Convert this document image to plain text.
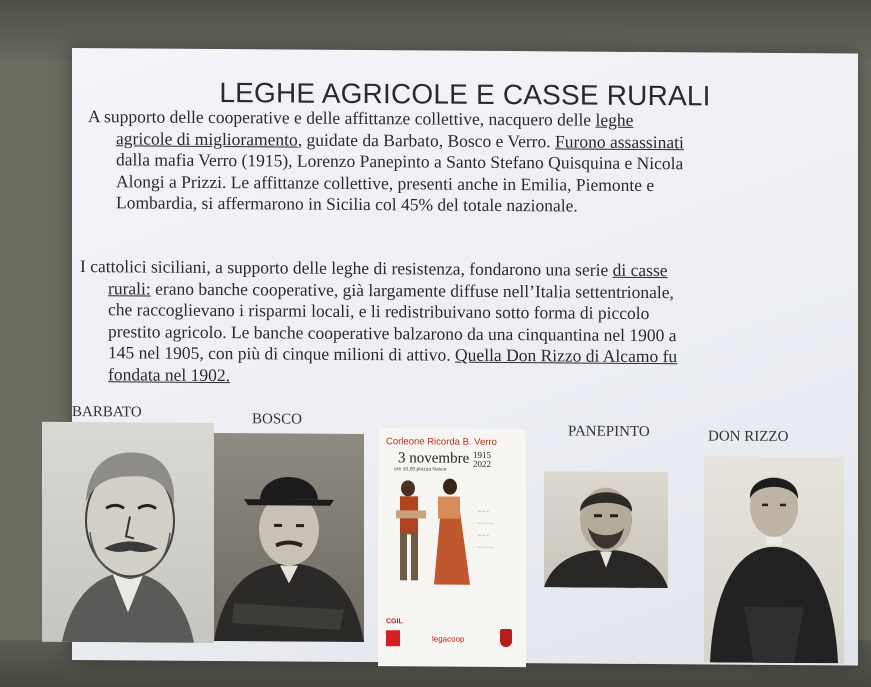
LEGHE AGRICOLE E CASSE RURALI
A supporto delle cooperative e delle affittanze collettive, nacquero delle leghe
agricole di miglioramento, guidate da Barbato, Bosco e Verro. Furono assassinati
dalla mafia Verro (1915), Lorenzo Panepinto a Santo Stefano Quisquina e Nicola
Alongi a Prizzi. Le affittanze collettive, presenti anche in Emilia, Piemonte e
Lombardia, si affermarono in Sicilia col 45% del totale nazionale.
I cattolici siciliani, a supporto delle leghe di resistenza, fondarono una serie di casse
rurali: erano banche cooperative, già largamente diffuse nell’Italia settentrionale,
che raccoglievano i risparmi locali, e li redistribuivano sotto forma di piccolo
prestito agricolo. Le banche cooperative balzarono da una cinquantina nel 1900 a
145 nel 1905, con più di cinque milioni di attivo. Quella Don Rizzo di Alcamo fu
fondata nel 1902.
BARBATO	BOSCO
PANEPINTO	DON RIZZO
Corleone Ricorda B. Verro
3 novembre 1915
2022
ore 10,00 piazza Nasce
~ ~ ~
~ ~ ~ ~
~ ~ ~
~ ~ ~ ~
CGIL
legacoop
